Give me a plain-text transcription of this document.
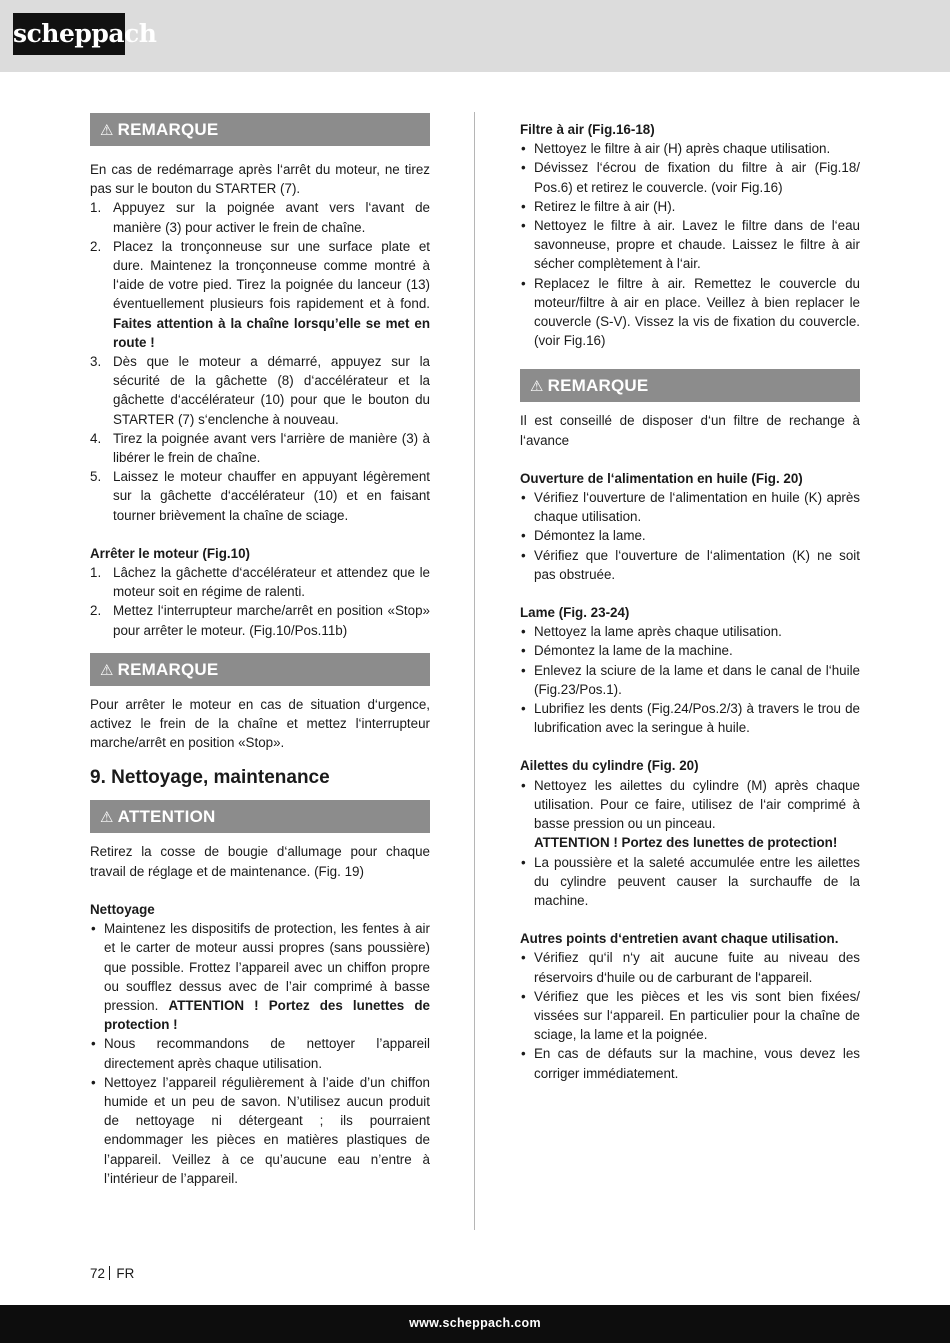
scheppach
⚠ REMARQUE

En cas de redémarrage après l‘arrêt du moteur, ne tirez pas sur le bouton du STARTER (7).

1. Appuyez sur la poignée avant vers l‘avant de manière (3) pour activer le frein de chaîne.
2. Placez la tronçonneuse sur une surface plate et dure. Maintenez la tronçonneuse comme montré à l‘aide de votre pied. Tirez la poignée du lanceur (13) éventuellement plusieurs fois rapidement et à fond. Faites attention à la chaîne lorsqu’elle se met en route !
3. Dès que le moteur a démarré, appuyez sur la sécurité de la gâchette (8) d‘accélérateur et la gâchette d‘accélérateur (10) pour que le bouton du STARTER (7) s‘enclenche à nouveau.
4. Tirez la poignée avant vers l‘arrière de manière (3) à libérer le frein de chaîne.
5. Laissez le moteur chauffer en appuyant légèrement sur la gâchette d‘accélérateur (10) et en faisant tourner brièvement la chaîne de sciage.

Arrêter le moteur (Fig.10)

1. Lâchez la gâchette d‘accélérateur et attendez que le moteur soit en régime de ralenti.
2. Mettez l‘interrupteur marche/arrêt en position «Stop» pour arrêter le moteur. (Fig.10/Pos.11b)
⚠ REMARQUE

Pour arrêter le moteur en cas de situation d‘urgence, activez le frein de la chaîne et mettez l‘interrupteur marche/arrêt en position «Stop».

9. Nettoyage, maintenance
⚠ ATTENTION

Retirez la cosse de bougie d‘allumage pour chaque travail de réglage et de maintenance. (Fig. 19)

Nettoyage

• Maintenez les dispositifs de protection, les fentes à air et le carter de moteur aussi propres (sans poussière) que possible. Frottez l’appareil avec un chiffon propre ou soufflez dessus avec de l’air comprimé à basse pression. ATTENTION ! Portez des lunettes de protection !
• Nous recommandons de nettoyer l’appareil directement après chaque utilisation.
• Nettoyez l’appareil régulièrement à l’aide d’un chiffon humide et un peu de savon. N’utilisez aucun produit de nettoyage ni détergeant ; ils pourraient endommager les pièces en matières plastiques de l’appareil. Veillez à ce qu’aucune eau n’entre à l’intérieur de l’appareil.

Filtre à air (Fig.16-18)

• Nettoyez le filtre à air (H) après chaque utilisation.
• Dévissez l‘écrou de fixation du filtre à air (Fig.18/ Pos.6) et retirez le couvercle. (voir Fig.16)
• Retirez le filtre à air (H).
• Nettoyez le filtre à air. Lavez le filtre dans de l‘eau savonneuse, propre et chaude. Laissez le filtre à air sécher complètement à l‘air.
• Replacez le filtre à air. Remettez le couvercle du moteur/filtre à air en place. Veillez à bien replacer le couvercle (S-V). Vissez la vis de fixation du couvercle.(voir Fig.16)
⚠ REMARQUE

Il est conseillé de disposer d‘un filtre de rechange à l‘avance

Ouverture de l‘alimentation en huile (Fig. 20)

• Vérifiez l‘ouverture de l‘alimentation en huile (K) après chaque utilisation.
• Démontez la lame.
• Vérifiez que l‘ouverture de l‘alimentation (K) ne soit pas obstruée.

Lame (Fig. 23-24)

• Nettoyez la lame après chaque utilisation.
• Démontez la lame de la machine.
• Enlevez la sciure de la lame et dans le canal de l‘huile (Fig.23/Pos.1).
• Lubrifiez les dents (Fig.24/Pos.2/3) à travers le trou de lubrification avec la seringue à huile.

Ailettes du cylindre (Fig. 20)

• Nettoyez les ailettes du cylindre (M) après chaque utilisation. Pour ce faire, utilisez de l‘air comprimé à basse pression ou un pinceau.
ATTENTION ! Portez des lunettes de protection!
• La poussière et la saleté accumulée entre les ailettes du cylindre peuvent causer la surchauffe de la machine.

Autres points d‘entretien avant chaque utilisation.

• Vérifiez qu‘il n‘y ait aucune fuite au niveau des réservoirs d‘huile ou de carburant de l‘appareil.
• Vérifiez que les pièces et les vis sont bien fixées/ vissées sur l‘appareil. En particulier pour la chaîne de sciage, la lame et la poignée.
• En cas de défauts sur la machine, vous devez les corriger immédiatement.
72 FR
www.scheppach.com
